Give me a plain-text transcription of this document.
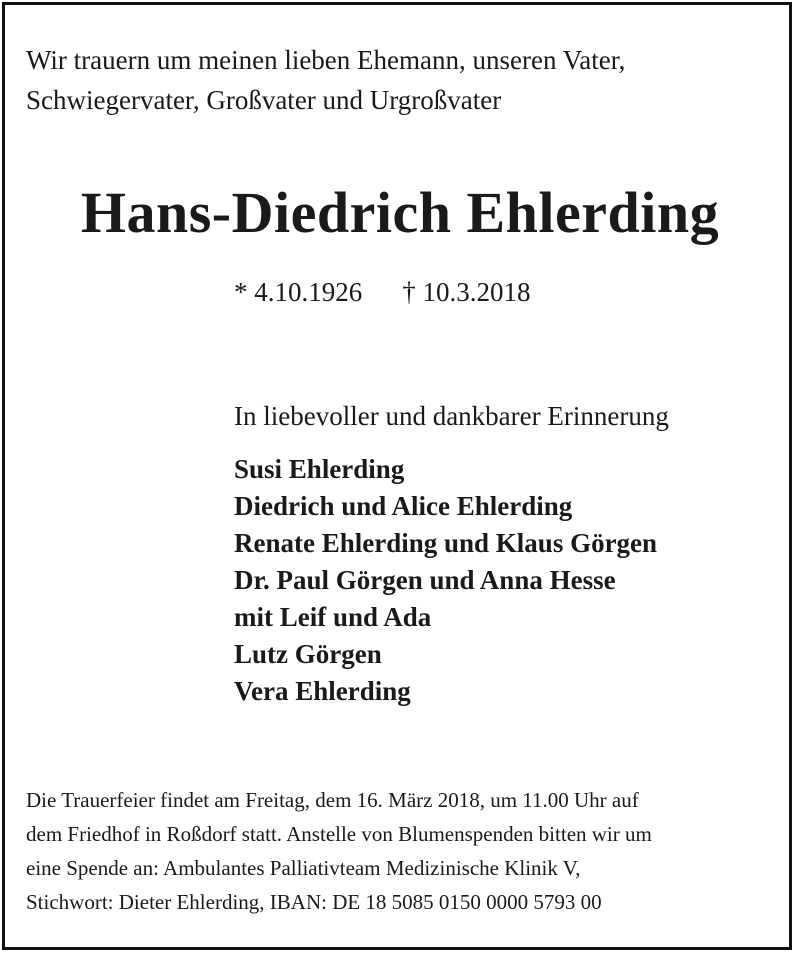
Wir trauern um meinen lieben Ehemann, unseren Vater,
Schwiegervater, Großvater und Urgroßvater

Hans-Diedrich Ehlerding
* 4.10.1926 † 10.3.2018
In liebevoller und dankbarer Erinnerung
Susi Ehlerding
Diedrich und Alice Ehlerding
Renate Ehlerding und Klaus Görgen
Dr. Paul Görgen und Anna Hesse
mit Leif und Ada
Lutz Görgen
Vera Ehlerding
Die Trauerfeier findet am Freitag, dem 16. März 2018, um 11.00 Uhr auf
dem Friedhof in Roßdorf statt. Anstelle von Blumenspenden bitten wir um
eine Spende an: Ambulantes Palliativteam Medizinische Klinik V,
Stichwort: Dieter Ehlerding, IBAN: DE 18 5085 0150 0000 5793 00
